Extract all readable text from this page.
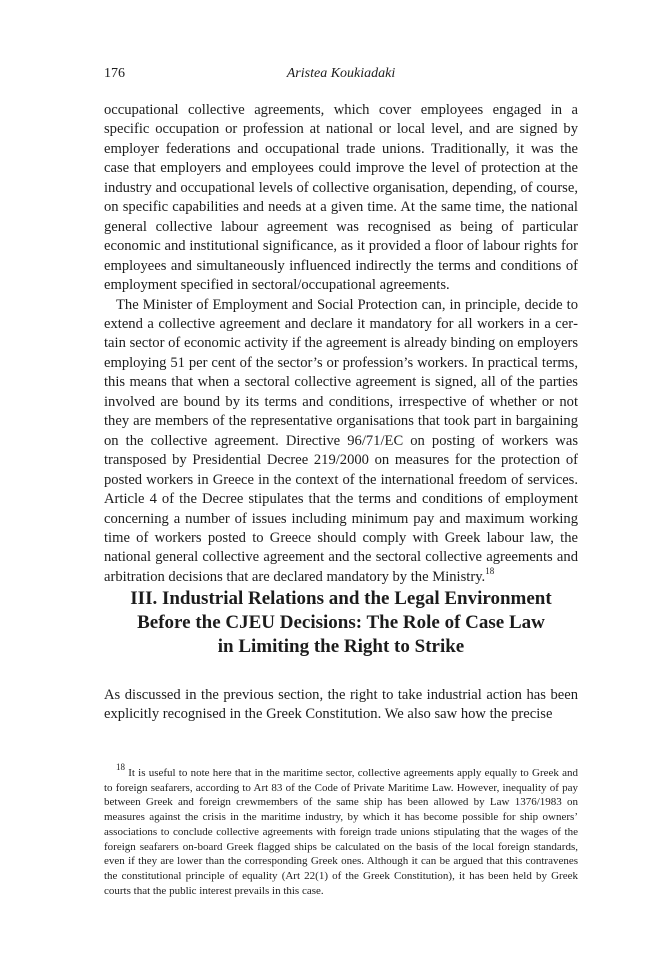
176	Aristea Koukiadaki

occupational collective agreements, which cover employees engaged in a specific occupation or profession at national or local level, and are signed by employer federations and occupational trade unions. Traditionally, it was the case that employers and employees could improve the level of protection at the industry and occupational levels of collective organisation, depending, of course, on specific capabilities and needs at a given time. At the same time, the national general collective labour agreement was recognised as being of particular economic and institutional significance, as it provided a floor of labour rights for employees and simultaneously influenced indirectly the terms and conditions of employment specified in sectoral/occupational agreements.

The Minister of Employment and Social Protection can, in principle, decide to extend a collective agreement and declare it mandatory for all workers in a certain sector of economic activity if the agreement is already binding on employers employing 51 per cent of the sector’s or profession’s workers. In practical terms, this means that when a sectoral collective agreement is signed, all of the parties involved are bound by its terms and conditions, irrespective of whether or not they are members of the representative organisations that took part in bargaining on the collective agreement. Directive 96/71/EC on posting of workers was transposed by Presidential Decree 219/2000 on measures for the protection of posted workers in Greece in the context of the international freedom of services. Article 4 of the Decree stipulates that the terms and conditions of employment concerning a number of issues including minimum pay and maximum working time of workers posted to Greece should comply with Greek labour law, the national general collective agreement and the sectoral collective agreements and arbitration decisions that are declared mandatory by the Ministry.$^{18}$

III. Industrial Relations and the Legal Environment
Before the CJEU Decisions: The Role of Case Law
in Limiting the Right to Strike

As discussed in the previous section, the right to take industrial action has been explicitly recognised in the Greek Constitution. We also saw how the precise

$^{18}$ It is useful to note here that in the maritime sector, collective agreements apply equally to Greek and to foreign seafarers, according to Art 83 of the Code of Private Maritime Law. However, inequality of pay between Greek and foreign crewmembers of the same ship has been allowed by Law 1376/1983 on measures against the crisis in the maritime industry, by which it has become possible for ship owners’ associations to conclude collective agreements with foreign trade unions stipulating that the wages of the foreign seafarers on-board Greek flagged ships be calculated on the basis of the local foreign standards, even if they are lower than the corresponding Greek ones. Although it can be argued that this contravenes the constitutional principle of equality (Art 22(1) of the Greek Constitution), it has been held by Greek courts that the public interest prevails in this case.
